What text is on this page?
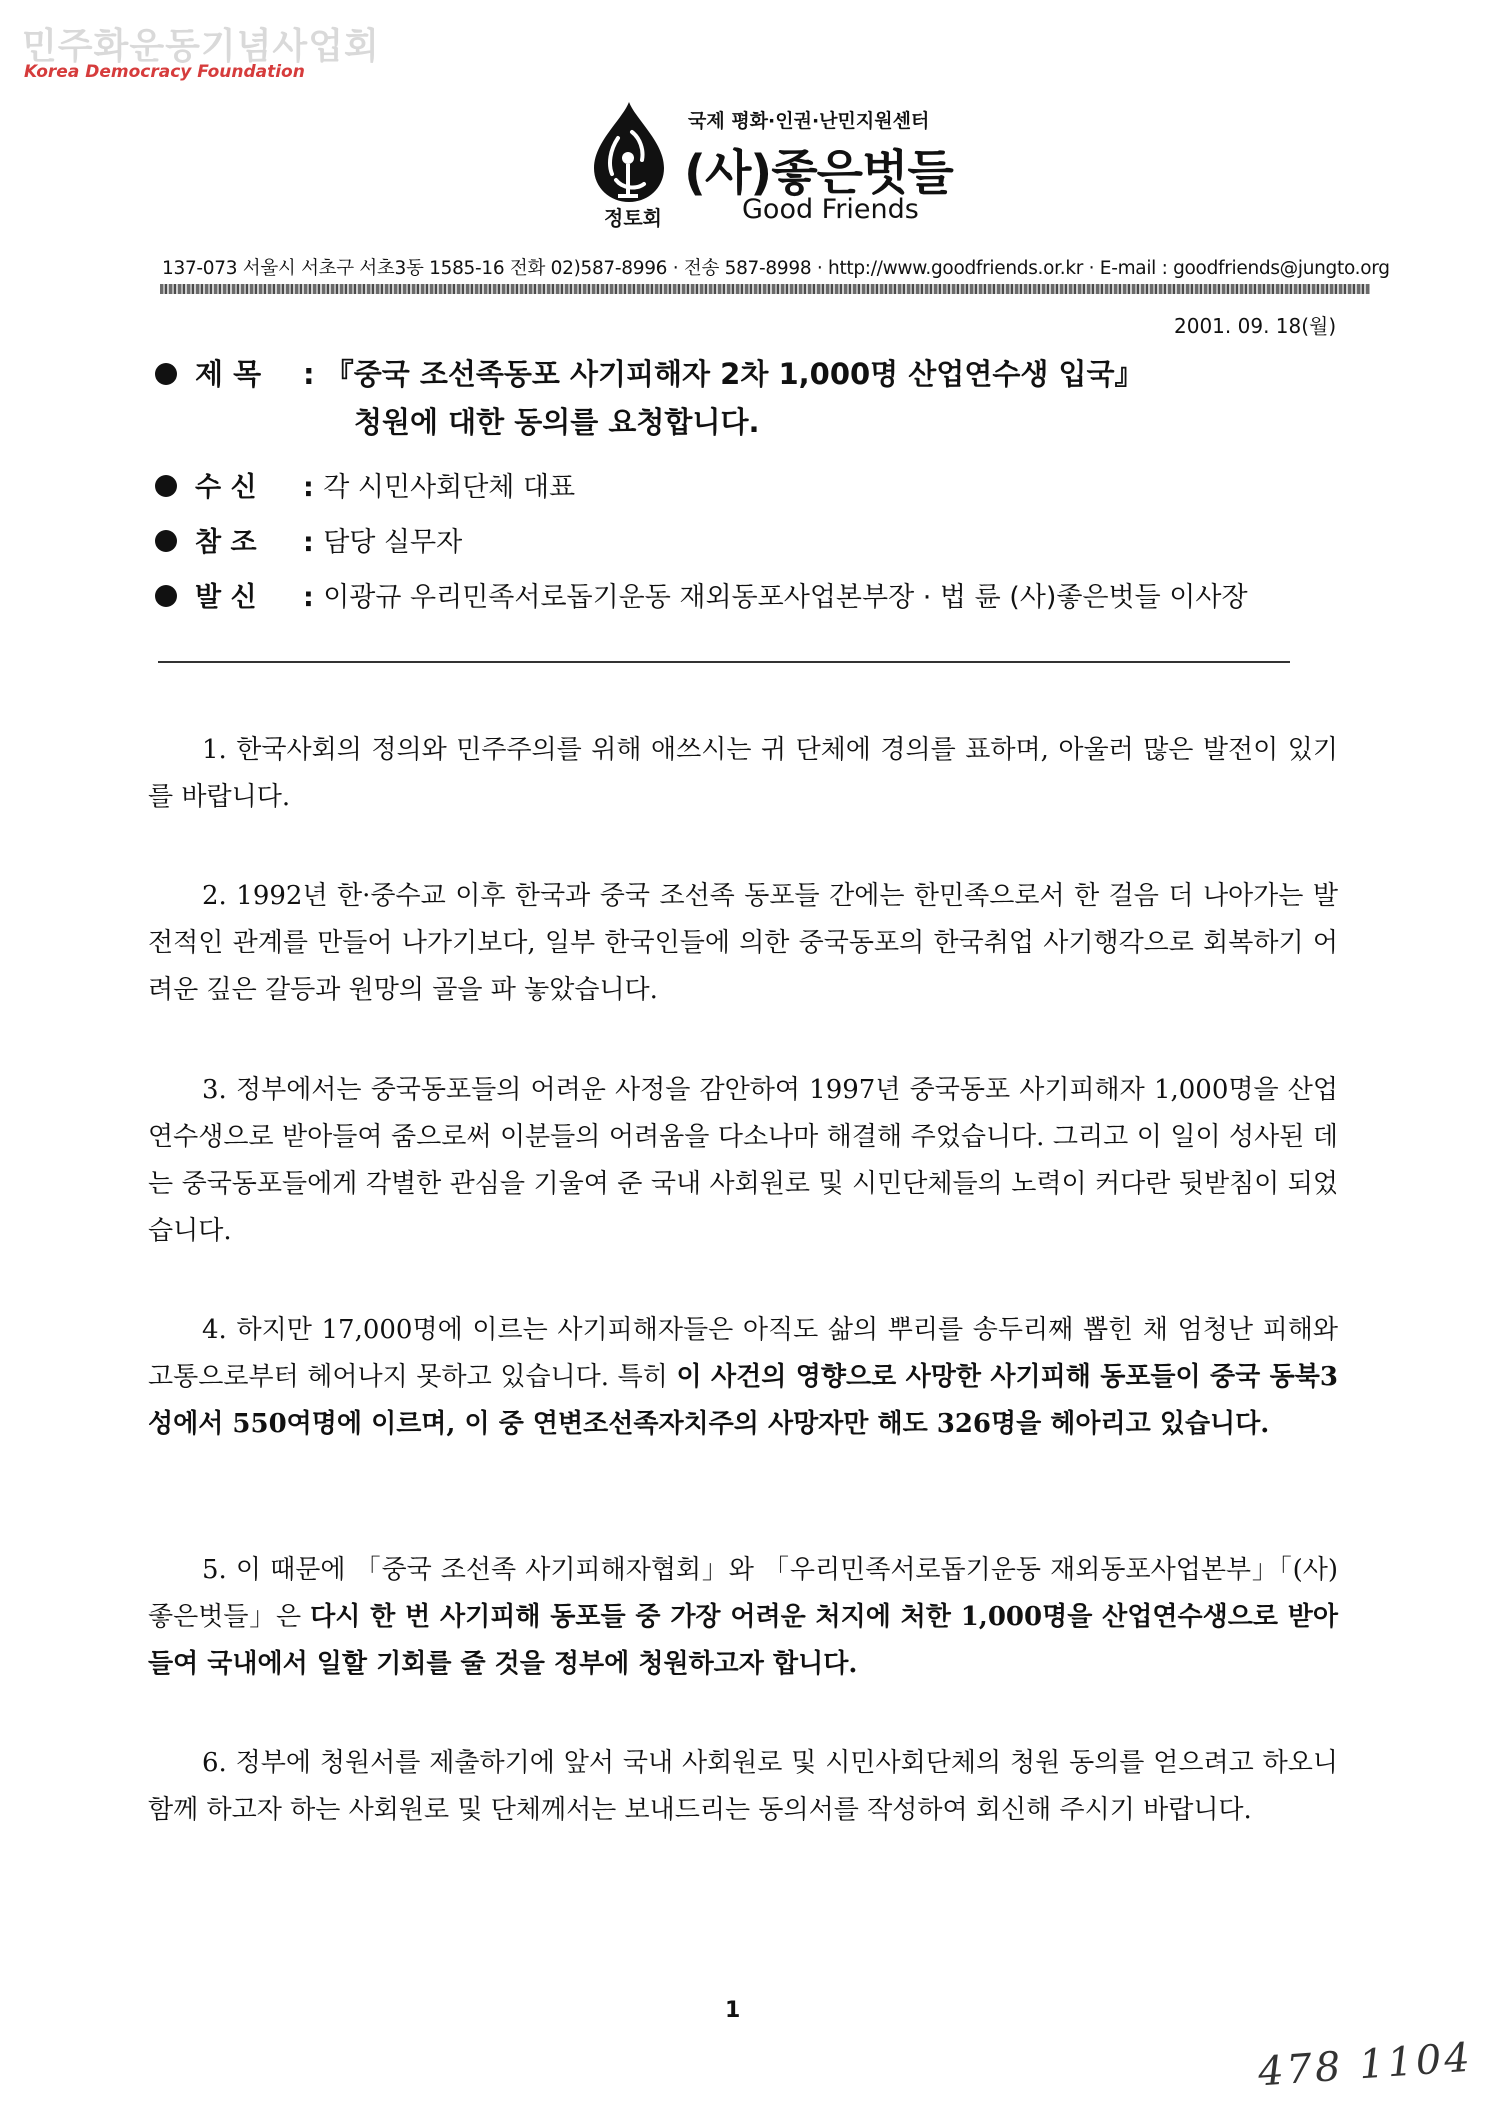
민주화운동기념사업회
Korea Democracy Foundation
국제 평화·인권·난민지원센터
(사)좋은벗들
Good Friends
정토회
137-073 서울시 서초구 서초3동 1585-16 전화 02)587-8996 · 전송 587-8998 · http://www.goodfriends.or.kr · E-mail : goodfriends@jungto.org
2001. 09. 18(월)
제 목 : 『중국 조선족동포 사기피해자 2차 1,000명 산업연수생 입국』
청원에 대한 동의를 요청합니다.
수 신 : 각 시민사회단체 대표
참 조 : 담당 실무자
발 신 : 이광규 우리민족서로돕기운동 재외동포사업본부장 · 법 륜 (사)좋은벗들 이사장

1. 한국사회의 정의와 민주주의를 위해 애쓰시는 귀 단체에 경의를 표하며, 아울러 많은 발전이 있기를 바랍니다.

2. 1992년 한·중수교 이후 한국과 중국 조선족 동포들 간에는 한민족으로서 한 걸음 더 나아가는 발전적인 관계를 만들어 나가기보다, 일부 한국인들에 의한 중국동포의 한국취업 사기행각으로 회복하기 어려운 깊은 갈등과 원망의 골을 파 놓았습니다.

3. 정부에서는 중국동포들의 어려운 사정을 감안하여 1997년 중국동포 사기피해자 1,000명을 산업연수생으로 받아들여 줌으로써 이분들의 어려움을 다소나마 해결해 주었습니다. 그리고 이 일이 성사된 데는 중국동포들에게 각별한 관심을 기울여 준 국내 사회원로 및 시민단체들의 노력이 커다란 뒷받침이 되었습니다.

4. 하지만 17,000명에 이르는 사기피해자들은 아직도 삶의 뿌리를 송두리째 뽑힌 채 엄청난 피해와 고통으로부터 헤어나지 못하고 있습니다. 특히 이 사건의 영향으로 사망한 사기피해 동포들이 중국 동북3성에서 550여명에 이르며, 이 중 연변조선족자치주의 사망자만 해도 326명을 헤아리고 있습니다.

5. 이 때문에 「중국 조선족 사기피해자협회」와 「우리민족서로돕기운동 재외동포사업본부」「(사)좋은벗들」은 다시 한 번 사기피해 동포들 중 가장 어려운 처지에 처한 1,000명을 산업연수생으로 받아들여 국내에서 일할 기회를 줄 것을 정부에 청원하고자 합니다.

6. 정부에 청원서를 제출하기에 앞서 국내 사회원로 및 시민사회단체의 청원 동의를 얻으려고 하오니 함께 하고자 하는 사회원로 및 단체께서는 보내드리는 동의서를 작성하여 회신해 주시기 바랍니다.

1
478 1104
